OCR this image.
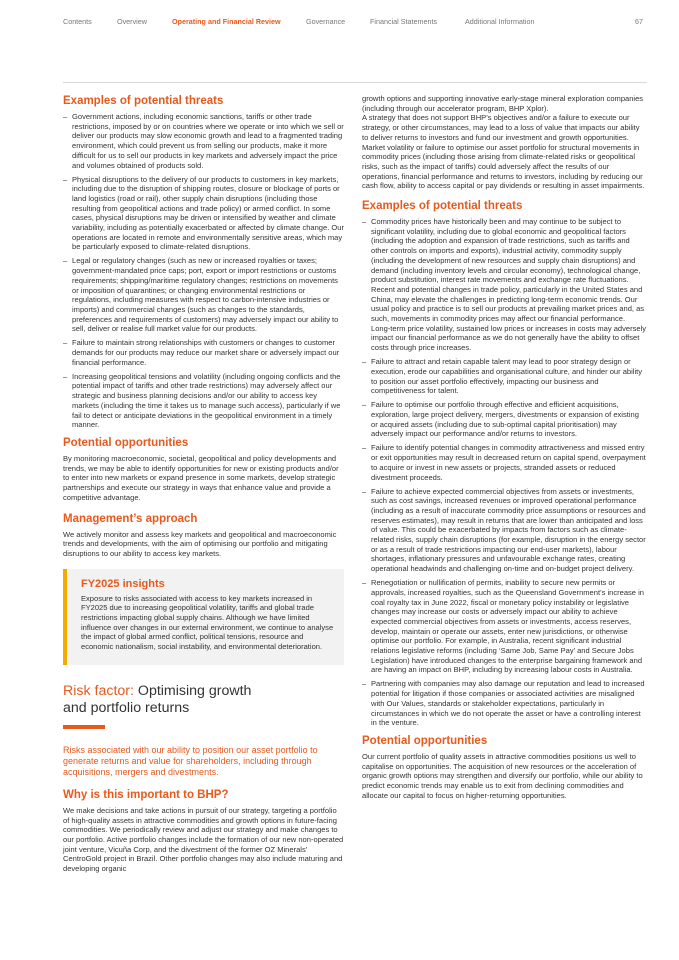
Contents	Overview	Operating and Financial Review	Governance	Financial Statements	Additional Information	67
Examples of potential threats
– Government actions, including economic sanctions, tariffs or other trade restrictions, imposed by or on countries where we operate or into which we sell or deliver our products may slow economic growth and lead to a fragmented trading environment, which could prevent us from selling our products, make it more difficult for us to sell our products in key markets and adversely impact the price and volumes obtained of products sold.
– Physical disruptions to the delivery of our products to customers in key markets, including due to the disruption of shipping routes, closure or blockage of ports or land logistics (road or rail), other supply chain disruptions (including those resulting from geopolitical actions and trade policy) or armed conflict. In some cases, physical disruptions may be driven or intensified by weather and climate variability, including as potentially exacerbated or affected by climate change. Our operations are located in remote and environmentally sensitive areas, which may be particularly exposed to climate-related disruptions.
– Legal or regulatory changes (such as new or increased royalties or taxes; government-mandated price caps; port, export or import restrictions or customs requirements; shipping/maritime regulatory changes; restrictions on movements or imposition of quarantines; or changing environmental restrictions or regulations, including measures with respect to carbon-intensive industries or imports) and commercial changes (such as changes to the standards, preferences and requirements of customers) may adversely impact our ability to sell, deliver or realise full market value for our products.
– Failure to maintain strong relationships with customers or changes to customer demands for our products may reduce our market share or adversely impact our financial performance.
– Increasing geopolitical tensions and volatility (including ongoing conflicts and the potential impact of tariffs and other trade restrictions) may adversely affect our strategic and business planning decisions and/or our ability to access key markets (including the time it takes us to manage such access), particularly if we fail to detect or anticipate deviations in the geopolitical environment in a timely manner.
Potential opportunities

By monitoring macroeconomic, societal, geopolitical and policy developments and trends, we may be able to identify opportunities for new or existing products and/or to enter into new markets or expand presence in some markets, develop strategic partnerships and execute our strategy in ways that enhance value and provide a competitive advantage.

Management’s approach

We actively monitor and assess key markets and geopolitical and macroeconomic trends and developments, with the aim of optimising our portfolio and mitigating disruptions to our ability to access key markets.

FY2025 insights

Exposure to risks associated with access to key markets increased in FY2025 due to increasing geopolitical volatility, tariffs and global trade restrictions impacting global supply chains. Although we have limited influence over changes in our external environment, we continue to analyse the impact of global armed conflict, political tensions, resource and economic nationalism, social instability, and environmental deterioration.

Risk factor: Optimising growth
and portfolio returns
Risks associated with our ability to position our asset portfolio to generate returns and value for shareholders, including through acquisitions, mergers and divestments.
Why is this important to BHP?

We make decisions and take actions in pursuit of our strategy, targeting a portfolio of high-quality assets in attractive commodities and growth options in future-facing commodities. We periodically review and adjust our strategy and make changes to our portfolio. Active portfolio changes include the formation of our new non-operated joint venture, Vicuña Corp, and the divestment of the former OZ Minerals’ CentroGold project in Brazil. Other portfolio changes may also include maturing and developing organic

growth options and supporting innovative early-stage mineral exploration companies (including through our accelerator program, BHP Xplor).

A strategy that does not support BHP’s objectives and/or a failure to execute our strategy, or other circumstances, may lead to a loss of value that impacts our ability to deliver returns to investors and fund our investment and growth opportunities. Market volatility or failure to optimise our asset portfolio for structural movements in commodity prices (including those arising from climate-related risks or geopolitical risks, such as the impact of tariffs) could adversely affect the results of our operations, financial performance and returns to investors, including by reducing our cash flow, ability to access capital or pay dividends or resulting in asset impairments.

Examples of potential threats
– Commodity prices have historically been and may continue to be subject to significant volatility, including due to global economic and geopolitical factors (including the adoption and expansion of trade restrictions, such as tariffs and other controls on imports and exports), industrial activity, commodity supply (including the development of new resources and supply chain disruptions) and demand (including inventory levels and circular economy), technological change, product substitution, interest rate movements and exchange rate fluctuations. Recent and potential changes in trade policy, particularly in the United States and China, may elevate the challenges in predicting long-term economic trends. Our usual policy and practice is to sell our products at prevailing market prices and, as such, movements in commodity prices may affect our financial performance. Long-term price volatility, sustained low prices or increases in costs may adversely impact our financial performance as we do not generally have the ability to offset costs through price increases.
– Failure to attract and retain capable talent may lead to poor strategy design or execution, erode our capabilities and organisational culture, and hinder our ability to position our asset portfolio effectively, impacting our business and competitiveness for talent.
– Failure to optimise our portfolio through effective and efficient acquisitions, exploration, large project delivery, mergers, divestments or expansion of existing or acquired assets (including due to sub-optimal capital prioritisation) may adversely impact our performance and/or returns to investors.
– Failure to identify potential changes in commodity attractiveness and missed entry or exit opportunities may result in decreased return on capital spend, overpayment to acquire or invest in new assets or projects, stranded assets or reduced divestment proceeds.
– Failure to achieve expected commercial objectives from assets or investments, such as cost savings, increased revenues or improved operational performance (including as a result of inaccurate commodity price assumptions or resources and reserves estimates), may result in returns that are lower than anticipated and loss of value. This could be exacerbated by impacts from factors such as climate-related risks, supply chain disruptions (for example, disruption in the energy sector or as a result of trade restrictions impacting our end-user markets), labour shortages, inflationary pressures and unfavourable exchange rates, creating operational headwinds and challenging on-time and on-budget project delivery.
– Renegotiation or nullification of permits, inability to secure new permits or approvals, increased royalties, such as the Queensland Government’s increase in coal royalty tax in June 2022, fiscal or monetary policy instability or legislative changes may increase our costs or adversely impact our ability to achieve expected commercial objectives from assets or investments, access reserves, develop, maintain or operate our assets, enter new jurisdictions, or otherwise optimise our portfolio. For example, in Australia, recent significant industrial relations legislative reforms (including ‘Same Job, Same Pay’ and Secure Jobs Legislation) have introduced changes to the enterprise bargaining framework and are having an impact on BHP, including by increasing labour costs in Australia.
– Partnering with companies may also damage our reputation and lead to increased potential for litigation if those companies or associated activities are misaligned with Our Values, standards or stakeholder expectations, particularly in circumstances in which we do not operate the asset or have a controlling interest in the venture.
Potential opportunities

Our current portfolio of quality assets in attractive commodities positions us well to capitalise on opportunities. The acquisition of new resources or the acceleration of organic growth options may strengthen and diversify our portfolio, while our ability to predict economic trends may enable us to exit from declining commodities and allocate our capital to focus on higher-returning opportunities.
